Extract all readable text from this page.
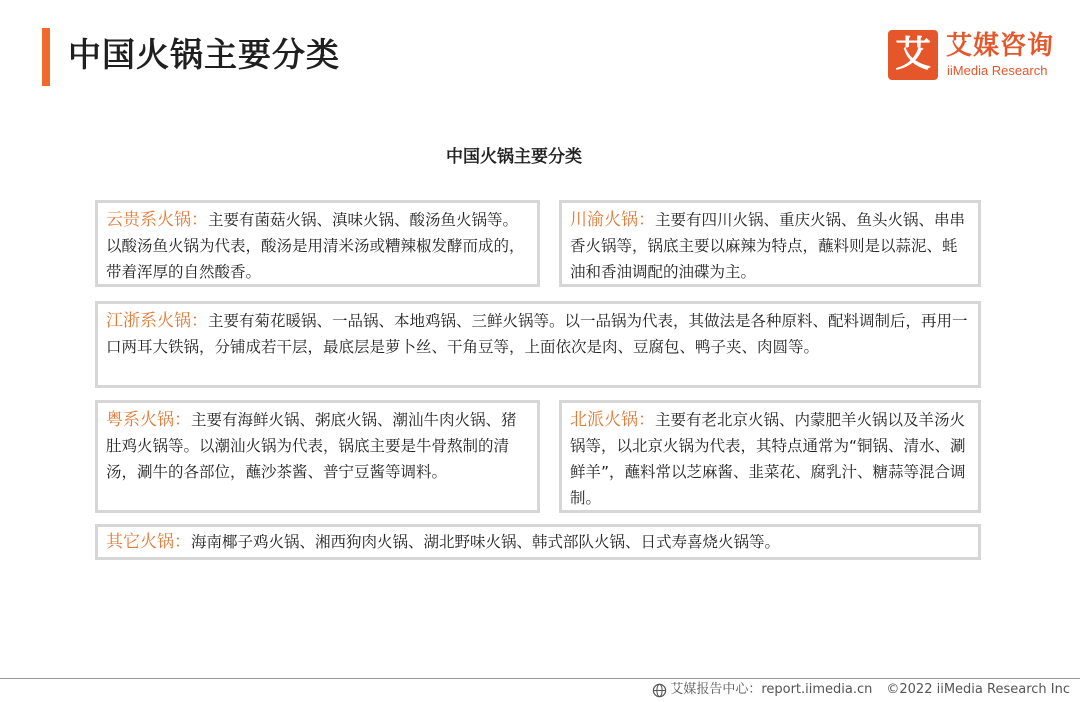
中国火锅主要分类	艾 艾媒咨询
iiMedia Research
中国火锅主要分类
云贵系火锅：主要有菌菇火锅、滇味火锅、酸汤鱼火锅等。以酸汤鱼火锅为代表，酸汤是用清米汤或糟辣椒发酵而成的，带着浑厚的自然酸香。
川渝火锅：主要有四川火锅、重庆火锅、鱼头火锅、串串香火锅等，锅底主要以麻辣为特点，蘸料则是以蒜泥、蚝油和香油调配的油碟为主。
江浙系火锅：主要有菊花暖锅、一品锅、本地鸡锅、三鲜火锅等。以一品锅为代表，其做法是各种原料、配料调制后，再用一口两耳大铁锅，分铺成若干层，最底层是萝卜丝、干角豆等，上面依次是肉、豆腐包、鸭子夹、肉圆等。
粤系火锅：主要有海鲜火锅、粥底火锅、潮汕牛肉火锅、猪肚鸡火锅等。以潮汕火锅为代表，锅底主要是牛骨熬制的清汤，涮牛的各部位，蘸沙茶酱、普宁豆酱等调料。
北派火锅：主要有老北京火锅、内蒙肥羊火锅以及羊汤火锅等，以北京火锅为代表，其特点通常为“铜锅、清水、涮鲜羊”，蘸料常以芝麻酱、韭菜花、腐乳汁、糖蒜等混合调制。
其它火锅：海南椰子鸡火锅、湘西狗肉火锅、湖北野味火锅、韩式部队火锅、日式寿喜烧火锅等。
艾媒报告中心：report.iimedia.cn ©2022 iiMedia Research Inc
